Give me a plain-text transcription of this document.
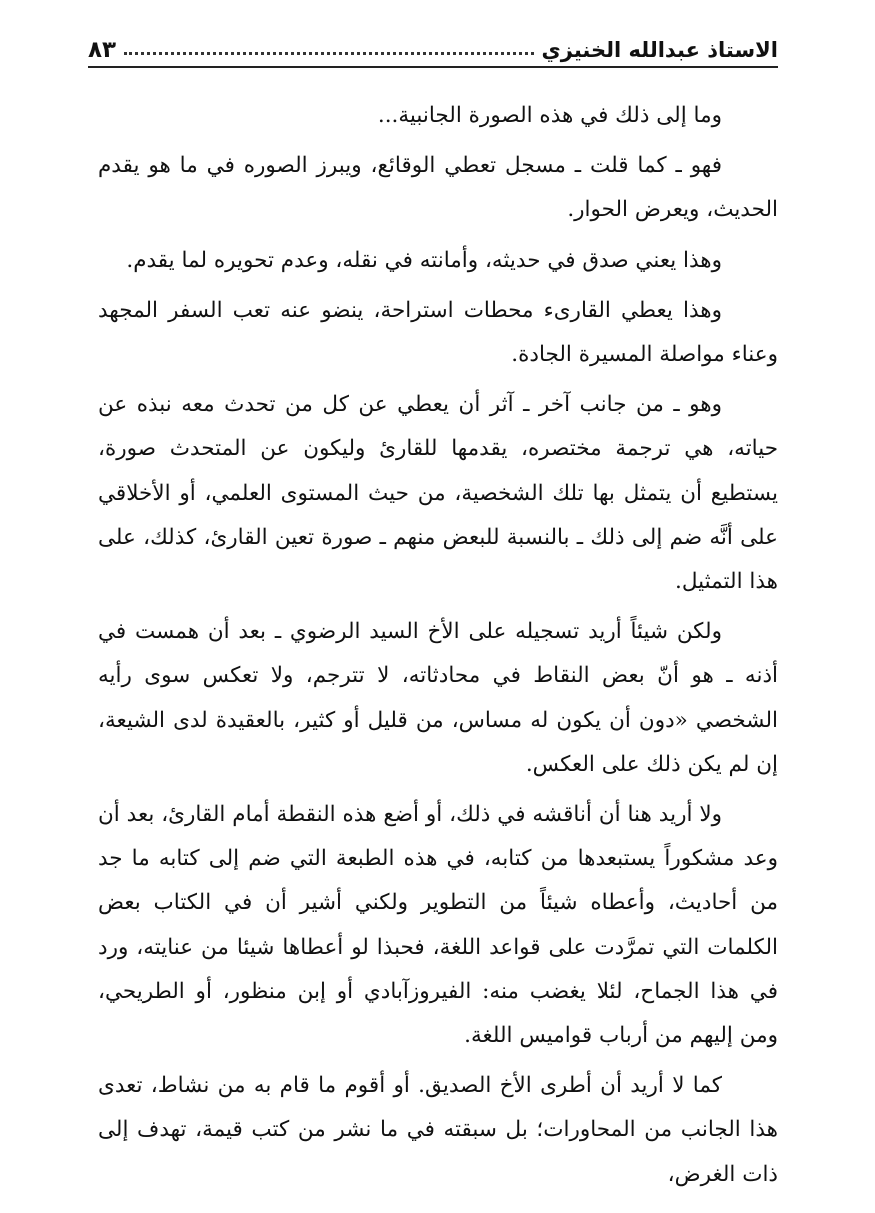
الاستاذ عبدالله الخنيزي
٨٣

وما إلى ذلك في هذه الصورة الجانبية...

فهو ـ كما قلت ـ مسجل تعطي الوقائع، ويبرز الصوره في ما هو يقدم الحديث، ويعرض الحوار.

وهذا يعني صدق في حديثه، وأمانته في نقله، وعدم تحويره لما يقدم.

وهذا يعطي القارىء محطات استراحة، ينضو عنه تعب السفر المجهد وعناء مواصلة المسيرة الجادة.

وهو ـ من جانب آخر ـ آثر أن يعطي عن كل من تحدث معه نبذه عن حياته، هي ترجمة مختصره، يقدمها للقارئ وليكون عن المتحدث صورة، يستطيع أن يتمثل بها تلك الشخصية، من حيث المستوى العلمي، أو الأخلاقي على أنَّه ضم إلى ذلك ـ بالنسبة للبعض منهم ـ صورة تعين القارئ، كذلك، على هذا التمثيل.

ولكن شيئاً أريد تسجيله على الأخ السيد الرضوي ـ بعد أن همست في أذنه ـ هو أنّ بعض النقاط في محادثاته، لا تترجم، ولا تعكس سوى رأيه الشخصي «دون أن يكون له مساس، من قليل أو كثير، بالعقيدة لدى الشيعة، إن لم يكن ذلك على العكس.

ولا أريد هنا أن أناقشه في ذلك، أو أضع هذه النقطة أمام القارئ، بعد أن وعد مشكوراً يستبعدها من كتابه، في هذه الطبعة التي ضم إلى كتابه ما جد من أحاديث، وأعطاه شيئاً من التطوير ولكني أشير أن في الكتاب بعض الكلمات التي تمرَّدت على قواعد اللغة، فحبذا لو أعطاها شيئا من عنايته، ورد في هذا الجماح، لئلا يغضب منه: الفيروزآبادي أو إبن منظور، أو الطريحي، ومن إليهم من أرباب قواميس اللغة.

كما لا أريد أن أطرى الأخ الصديق. أو أقوم ما قام به من نشاط، تعدى هذا الجانب من المحاورات؛ بل سبقته في ما نشر من كتب قيمة، تهدف إلى ذات الغرض،
